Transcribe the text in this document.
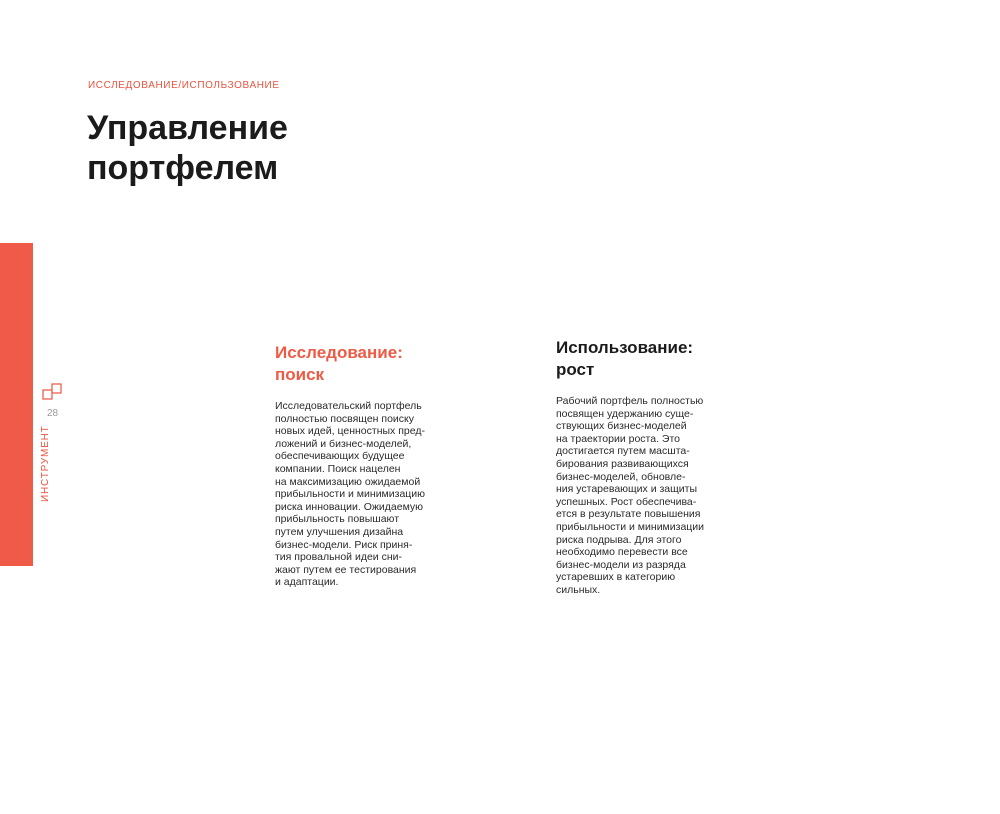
ИССЛЕДОВАНИЕ/ИСПОЛЬЗОВАНИЕ
Управление портфелем
28
ИНСТРУМЕНТ
Исследование: поиск

Исследовательский портфель
полностью посвящен поиску
новых идей, ценностных пред-
ложений и бизнес-моделей,
обеспечивающих будущее
компании. Поиск нацелен
на максимизацию ожидаемой
прибыльности и минимизацию
риска инновации. Ожидаемую
прибыльность повышают
путем улучшения дизайна
бизнес-модели. Риск приня-
тия провальной идеи сни-
жают путем ее тестирования
и адаптации.

Использование: рост

Рабочий портфель полностью
посвящен удержанию суще-
ствующих бизнес-моделей
на траектории роста. Это
достигается путем масшта-
бирования развивающихся
бизнес-моделей, обновле-
ния устаревающих и защиты
успешных. Рост обеспечива-
ется в результате повышения
прибыльности и минимизации
риска подрыва. Для этого
необходимо перевести все
бизнес-модели из разряда
устаревших в категорию
сильных.
